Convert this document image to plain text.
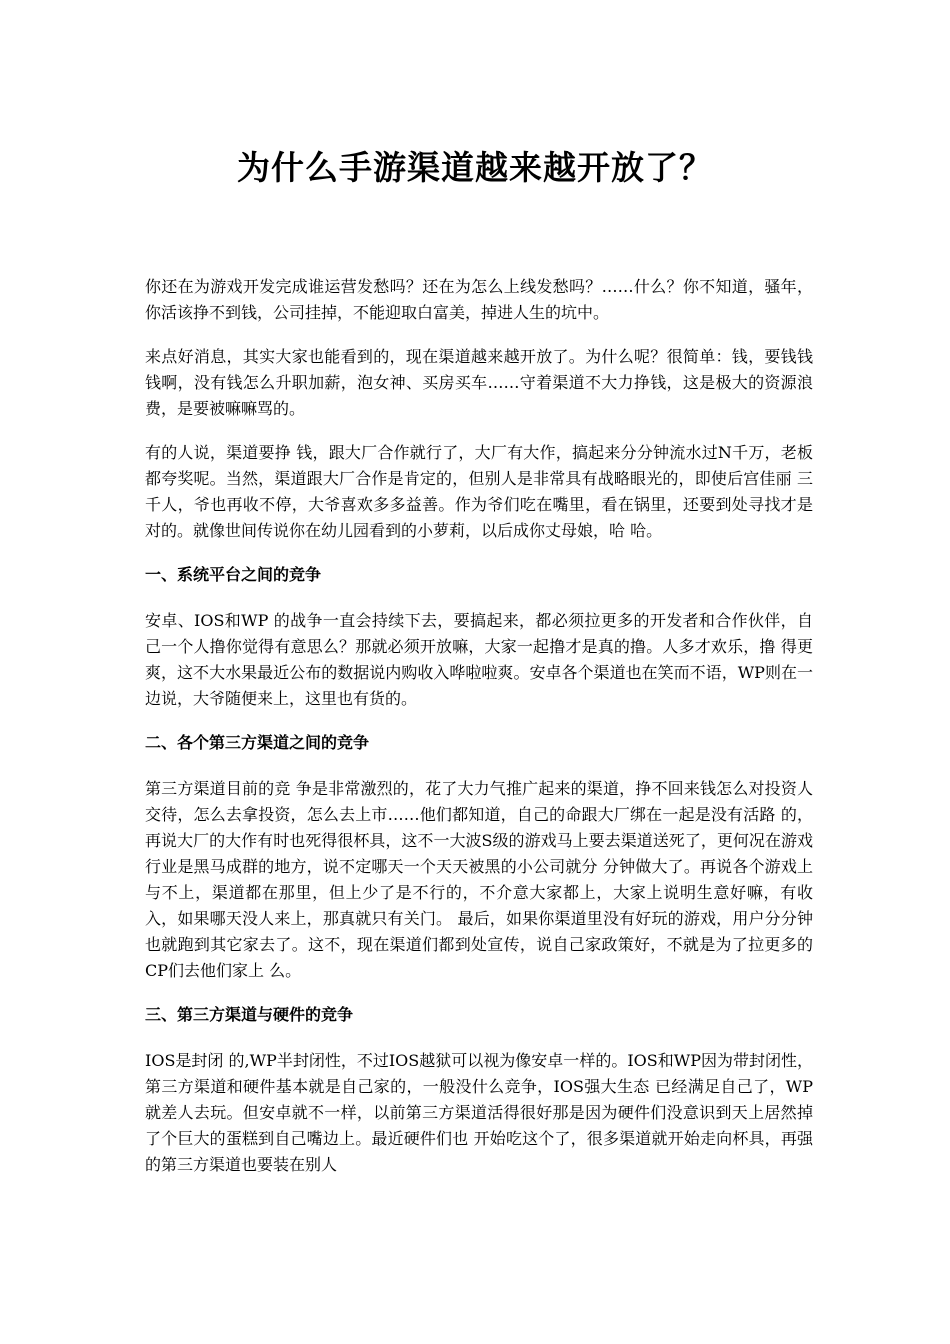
为什么手游渠道越来越开放了？

你还在为游戏开发完成谁运营发愁吗？还在为怎么上线发愁吗？……什么？你不知道，骚年，你活该挣不到钱，公司挂掉，不能迎取白富美，掉进人生的坑中。

来点好消息，其实大家也能看到的，现在渠道越来越开放了。为什么呢？很简单：钱，要钱钱钱啊，没有钱怎么升职加薪，泡女神、买房买车……守着渠道不大力挣钱，这是极大的资源浪费，是要被嘛嘛骂的。

有的人说，渠道要挣 钱，跟大厂合作就行了，大厂有大作，搞起来分分钟流水过N千万，老板都夸奖呢。当然，渠道跟大厂合作是肯定的，但别人是非常具有战略眼光的，即使后宫佳丽 三千人，爷也再收不停，大爷喜欢多多益善。作为爷们吃在嘴里，看在锅里，还要到处寻找才是对的。就像世间传说你在幼儿园看到的小萝莉，以后成你丈母娘，哈 哈。

一、系统平台之间的竞争

安卓、IOS和WP 的战争一直会持续下去，要搞起来，都必须拉更多的开发者和合作伙伴，自己一个人撸你觉得有意思么？那就必须开放嘛，大家一起撸才是真的撸。人多才欢乐，撸 得更爽，这不大水果最近公布的数据说内购收入哗啦啦爽。安卓各个渠道也在笑而不语，WP则在一边说，大爷随便来上，这里也有货的。

二、各个第三方渠道之间的竞争

第三方渠道目前的竞 争是非常激烈的，花了大力气推广起来的渠道，挣不回来钱怎么对投资人交待，怎么去拿投资，怎么去上市……他们都知道，自己的命跟大厂绑在一起是没有活路 的，再说大厂的大作有时也死得很杯具，这不一大波S级的游戏马上要去渠道送死了，更何况在游戏行业是黑马成群的地方，说不定哪天一个天天被黑的小公司就分 分钟做大了。再说各个游戏上与不上，渠道都在那里，但上少了是不行的，不介意大家都上，大家上说明生意好嘛，有收入，如果哪天没人来上，那真就只有关门。 最后，如果你渠道里没有好玩的游戏，用户分分钟也就跑到其它家去了。这不，现在渠道们都到处宣传，说自己家政策好，不就是为了拉更多的CP们去他们家上 么。

三、第三方渠道与硬件的竞争

IOS是封闭 的,WP半封闭性，不过IOS越狱可以视为像安卓一样的。IOS和WP因为带封闭性，第三方渠道和硬件基本就是自己家的，一般没什么竞争，IOS强大生态 已经满足自己了，WP就差人去玩。但安卓就不一样，以前第三方渠道活得很好那是因为硬件们没意识到天上居然掉了个巨大的蛋糕到自己嘴边上。最近硬件们也 开始吃这个了，很多渠道就开始走向杯具，再强的第三方渠道也要装在别人
